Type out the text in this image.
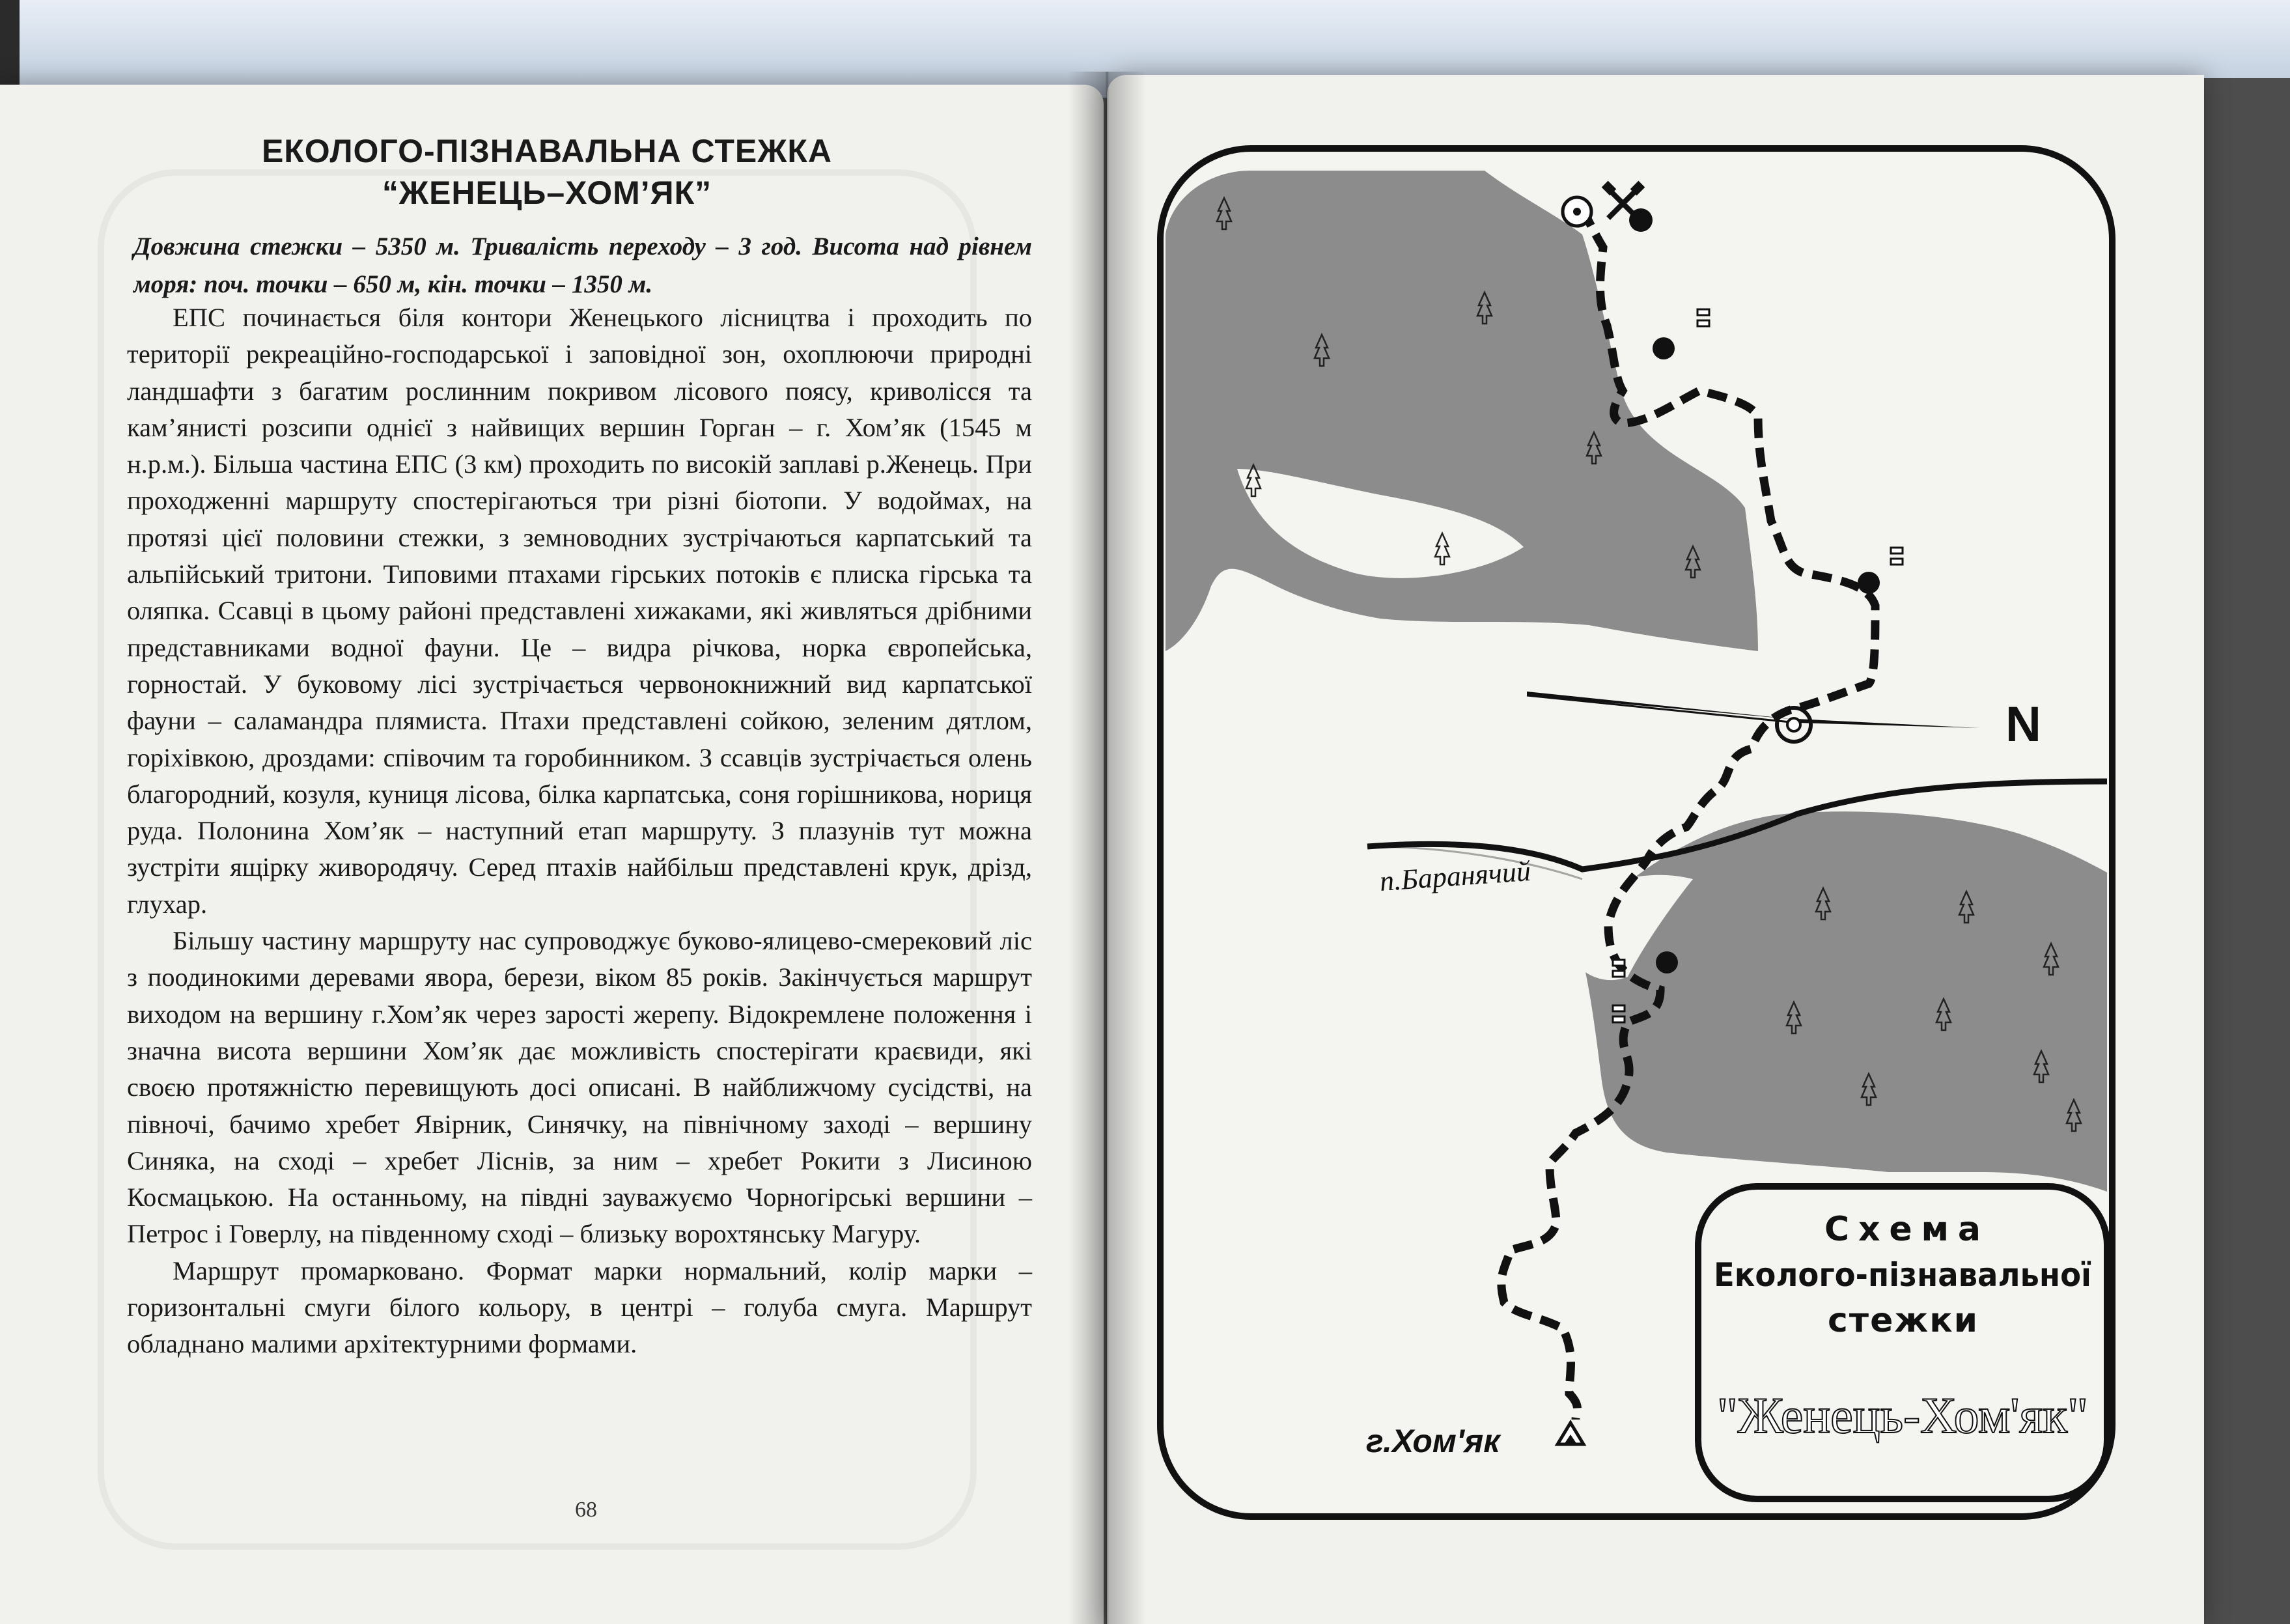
ЕКОЛОГО-ПІЗНАВАЛЬНА СТЕЖКА
“ЖЕНЕЦЬ–ХОМ’ЯК”
Довжина стежки – 5350 м. Тривалість переходу – 3 год. Висота над рівнем моря: поч. точки – 650 м, кін. точки – 1350 м.

ЕПС починається біля контори Женецького лісництва і проходить по території рекреаційно-господарської і заповідної зон, охоплюючи природні ландшафти з багатим рослинним покривом лісового поясу, криволісся та кам’янисті розсипи однієї з найвищих вершин Горган – г. Хом’як (1545 м н.р.м.). Більша частина ЕПС (3 км) проходить по високій заплаві р.Женець. При проходженні маршруту спостерігаються три різні біотопи. У водоймах, на протязі цієї половини стежки, з земноводних зустрічаються карпатський та альпійський тритони. Типовими птахами гірських потоків є плиска гірська та оляпка. Ссавці в цьому районі представлені хижаками, які живляться дрібними представниками водної фауни. Це – видра річкова, норка європейська, горностай. У буковому лісі зустрічається червонокнижний вид карпатської фауни – саламандра плямиста. Птахи представлені сойкою, зеленим дятлом, горіхівкою, дроздами: співочим та горобинником. З ссавців зустрічається олень благородний, козуля, куниця лісова, білка карпатська, соня горішникова, нориця руда. Полонина Хом’як – наступний етап маршруту. З плазунів тут можна зустріти ящірку живородячу. Серед птахів найбільш представлені крук, дрізд, глухар.

Більшу частину маршруту нас супроводжує буково-ялицево-смерековий ліс з поодинокими деревами явора, берези, віком 85 років. Закінчується маршрут виходом на вершину г.Хом’як через зарості жерепу. Відокремлене положення і значна висота вершини Хом’як дає можливість спостерігати краєвиди, які своєю протяжністю перевищують досі описані. В найближчому сусідстві, на півночі, бачимо хребет Явірник, Синячку, на північному заході – вершину Синяка, на сході – хребет Ліснів, за ним – хребет Рокити з Лисиною Космацькою. На останньому, на півдні зауважуємо Чорногірські вершини – Петрос і Говерлу, на південному сході – близьку ворохтянську Магуру.

Маршрут промарковано. Формат марки нормальний, колір марки – горизонтальні смуги білого кольору, в центрі – голуба смуга. Маршрут обладнано малими архітектурними формами.

68
п.Баранячий
N
г.Хом'як
Схема
Еколого-пізнавальної
стежки
"Женець-Хом'як"
